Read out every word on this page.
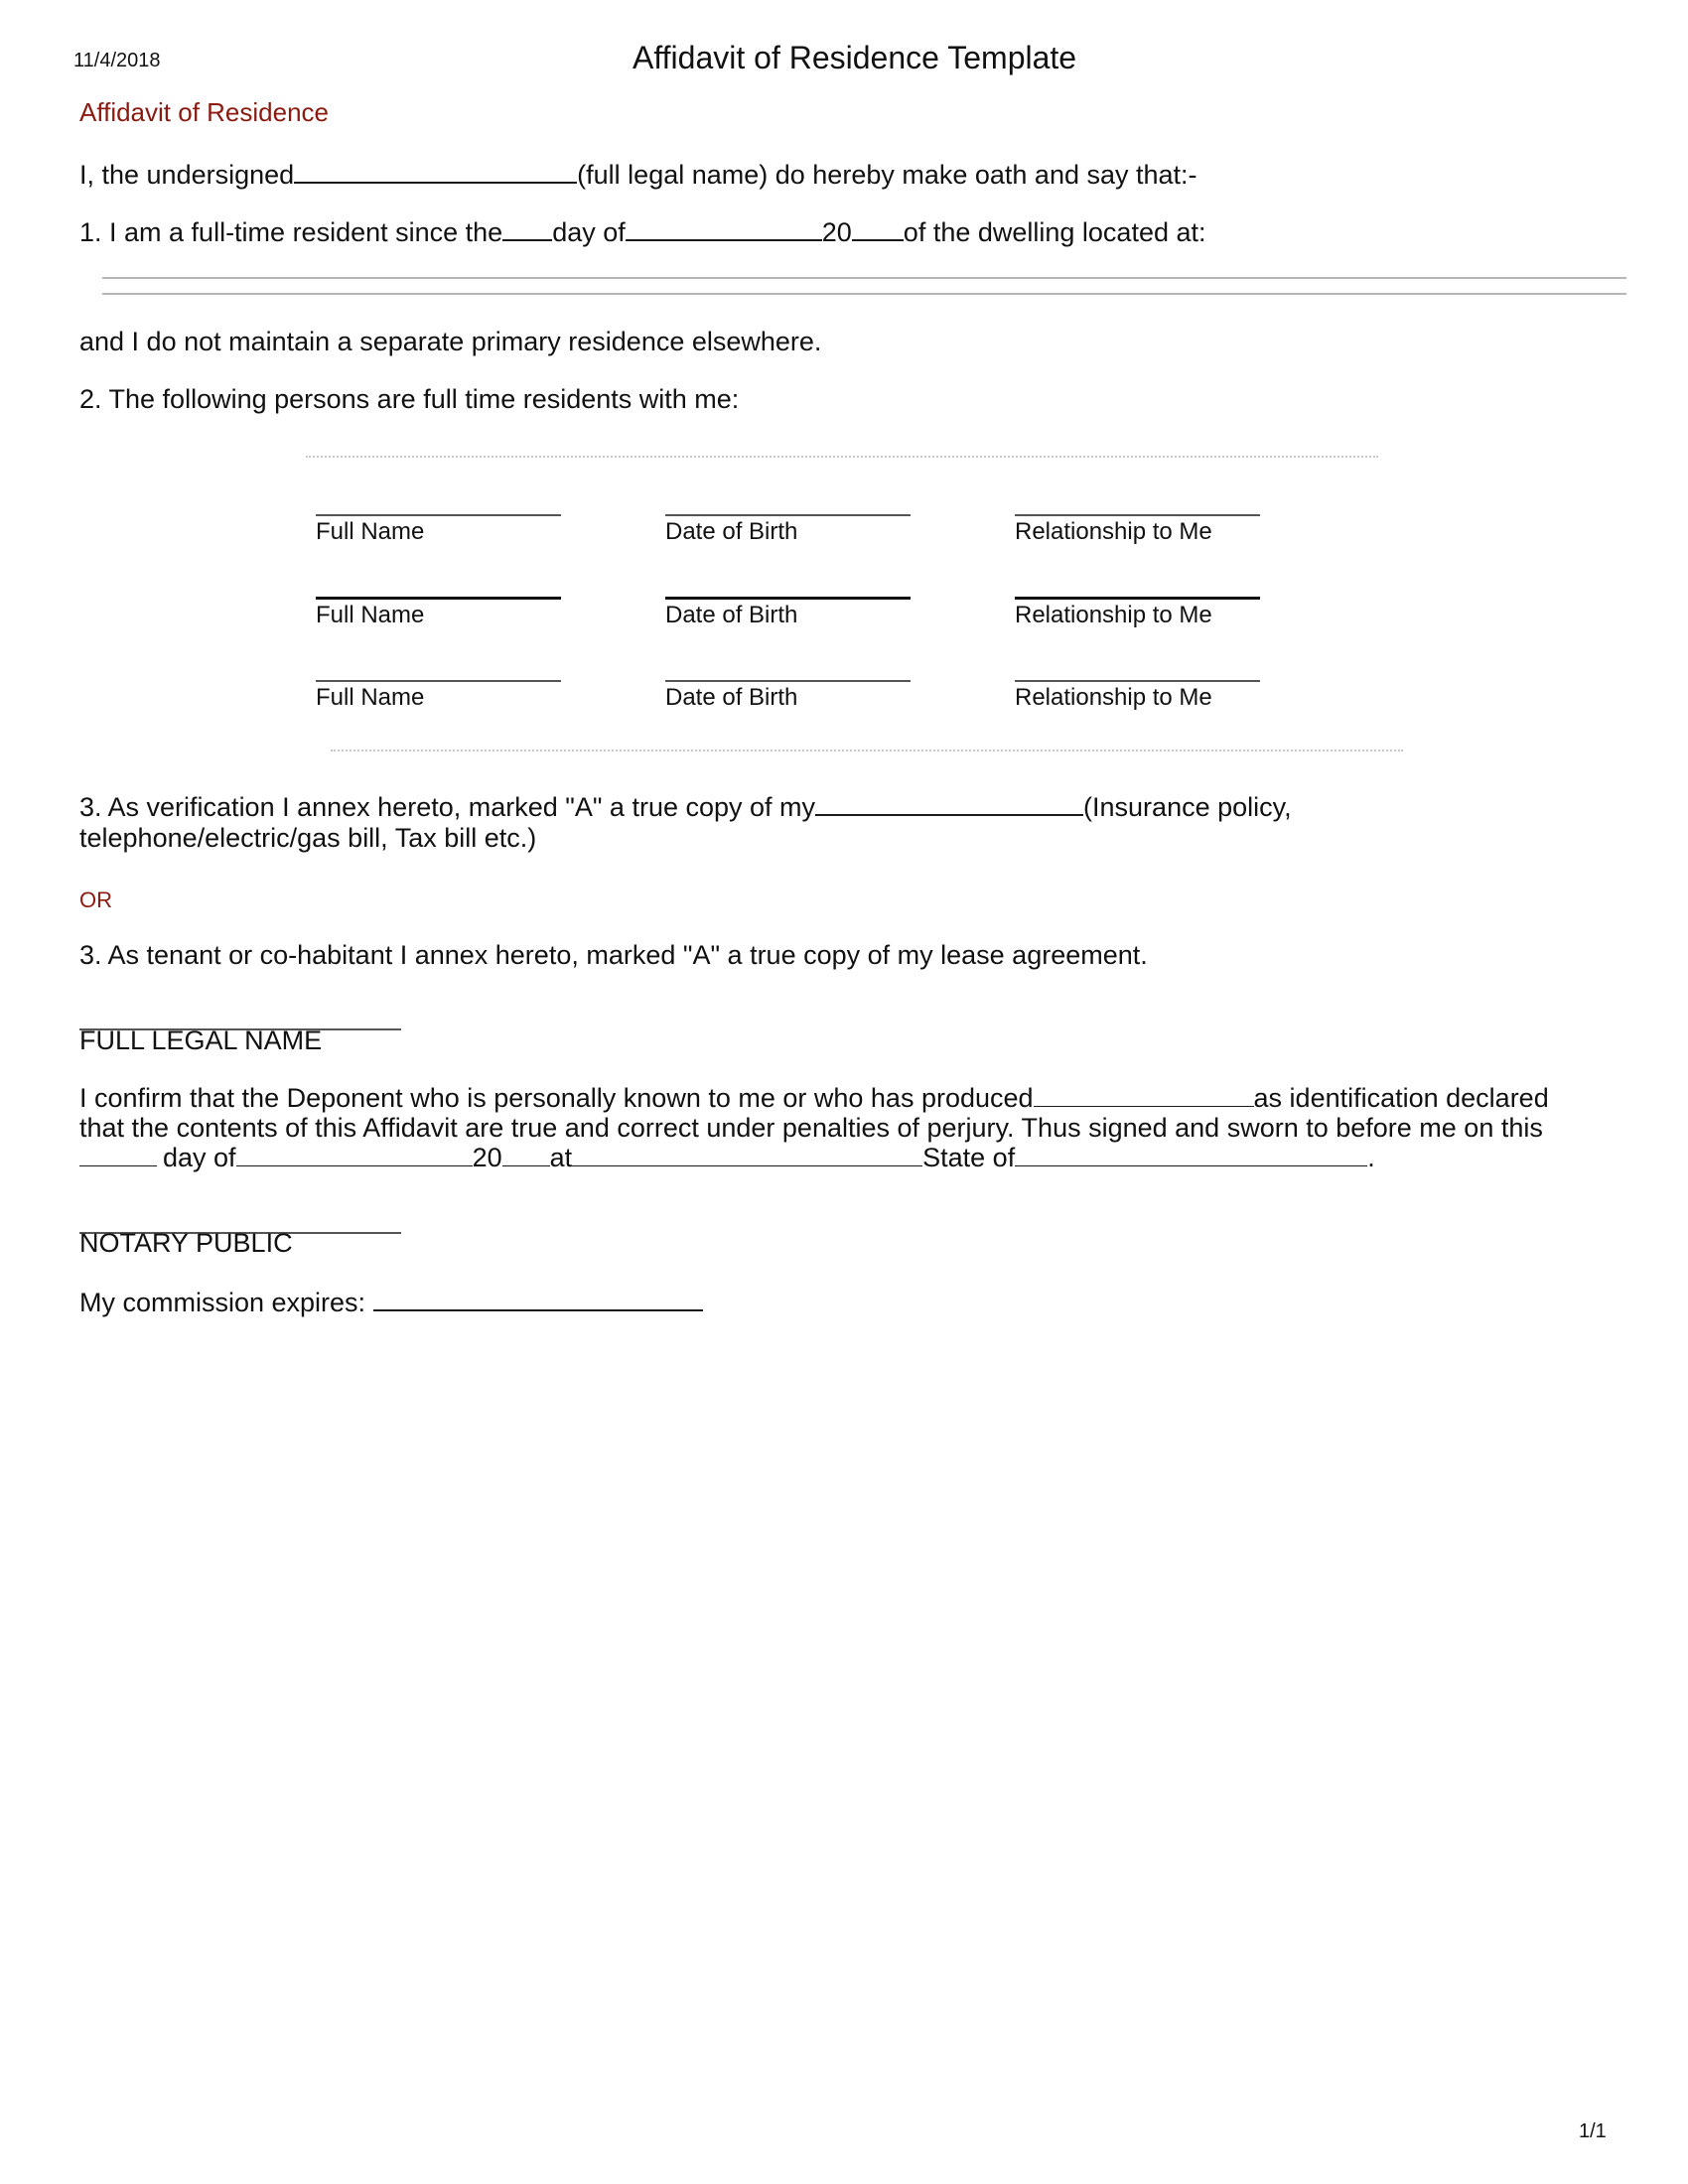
11/4/2018	Affidavit of Residence Template
Affidavit of Residence
I, the undersigned	(full legal name) do hereby make oath and say that:-
1. I am a full-time resident since the day of	20 of the dwelling located at:
and I do not maintain a separate primary residence elsewhere.
2. The following persons are full time residents with me:
Full Name	Date of Birth	Relationship to Me
Full Name	Date of Birth	Relationship to Me
Full Name	Date of Birth	Relationship to Me
3. As verification I annex hereto, marked "A" a true copy of my	(Insurance policy,
telephone/electric/gas bill, Tax bill etc.)
OR
3. As tenant or co-habitant I annex hereto, marked "A" a true copy of my lease agreement.
FULL LEGAL NAME
I confirm that the Deponent who is personally known to me or who has produced	as identification declared
that the contents of this Affidavit are true and correct under penalties of perjury. Thus signed and sworn to before me on this
day of	20 at	State of	.
NOTARY PUBLIC
My commission expires:
1/1
